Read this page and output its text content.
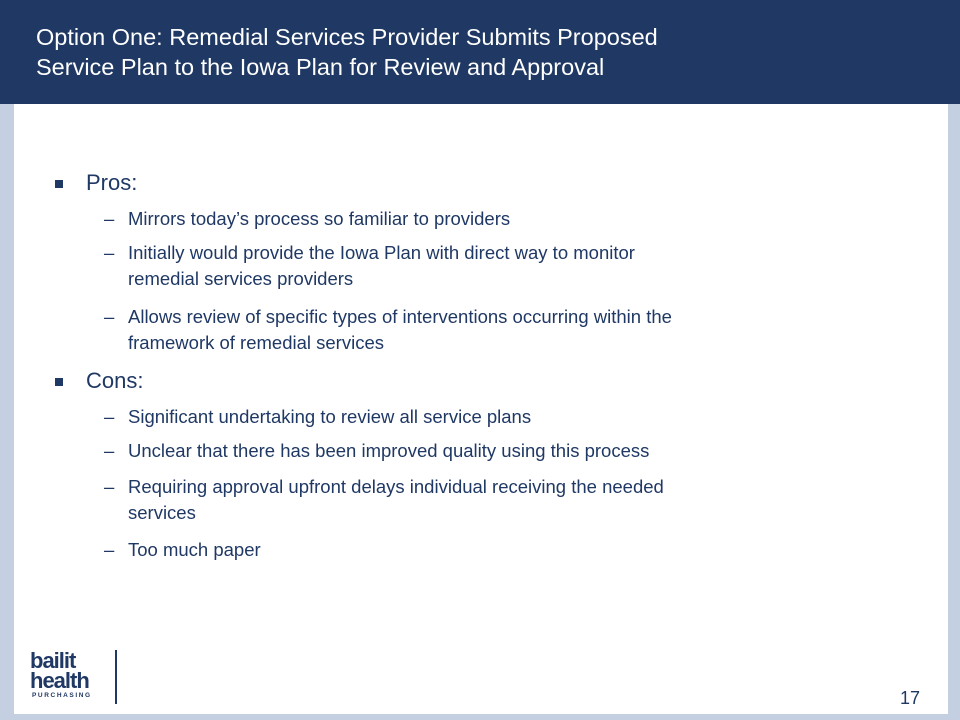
Option One: Remedial Services Provider Submits Proposed
Service Plan to the Iowa Plan for Review and Approval
Pros:
– Mirrors today’s process so familiar to providers
– Initially would provide the Iowa Plan with direct way to monitor
remedial services providers
– Allows review of specific types of interventions occurring within the
framework of remedial services
Cons:
– Significant undertaking to review all service plans
– Unclear that there has been improved quality using this process
– Requiring approval upfront delays individual receiving the needed
services
– Too much paper
bailit
health
PURCHASING	17
